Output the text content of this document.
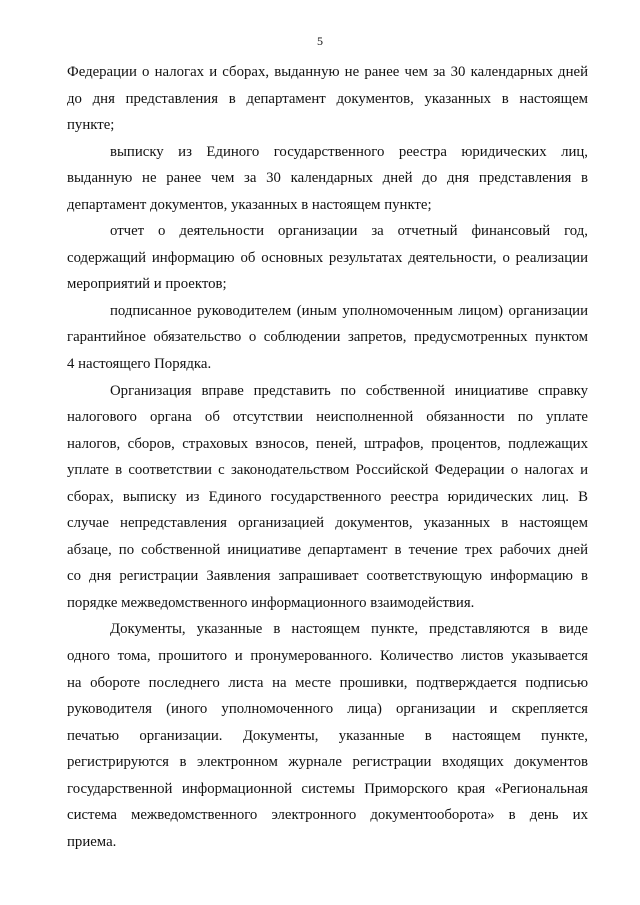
5
Федерации о налогах и сборах, выданную не ранее чем за 30 календарных дней
до дня представления в департамент документов, указанных в настоящем
пункте;
выписку из Единого государственного реестра юридических лиц,
выданную не ранее чем за 30 календарных дней до дня представления в
департамент документов, указанных в настоящем пункте;
отчет о деятельности организации за отчетный финансовый год,
содержащий информацию об основных результатах деятельности, о реализации
мероприятий и проектов;
подписанное руководителем (иным уполномоченным лицом) организации
гарантийное обязательство о соблюдении запретов, предусмотренных пунктом
4 настоящего Порядка.
Организация вправе представить по собственной инициативе справку
налогового органа об отсутствии неисполненной обязанности по уплате
налогов, сборов, страховых взносов, пеней, штрафов, процентов, подлежащих
уплате в соответствии с законодательством Российской Федерации о налогах и
сборах, выписку из Единого государственного реестра юридических лиц. В
случае непредставления организацией документов, указанных в настоящем
абзаце, по собственной инициативе департамент в течение трех рабочих дней
со дня регистрации Заявления запрашивает соответствующую информацию в
порядке межведомственного информационного взаимодействия.
Документы, указанные в настоящем пункте, представляются в виде
одного тома, прошитого и пронумерованного. Количество листов указывается
на обороте последнего листа на месте прошивки, подтверждается подписью
руководителя (иного уполномоченного лица) организации и скрепляется
печатью организации. Документы, указанные в настоящем пункте,
регистрируются в электронном журнале регистрации входящих документов
государственной информационной системы Приморского края «Региональная
система межведомственного электронного документооборота» в день их
приема.
